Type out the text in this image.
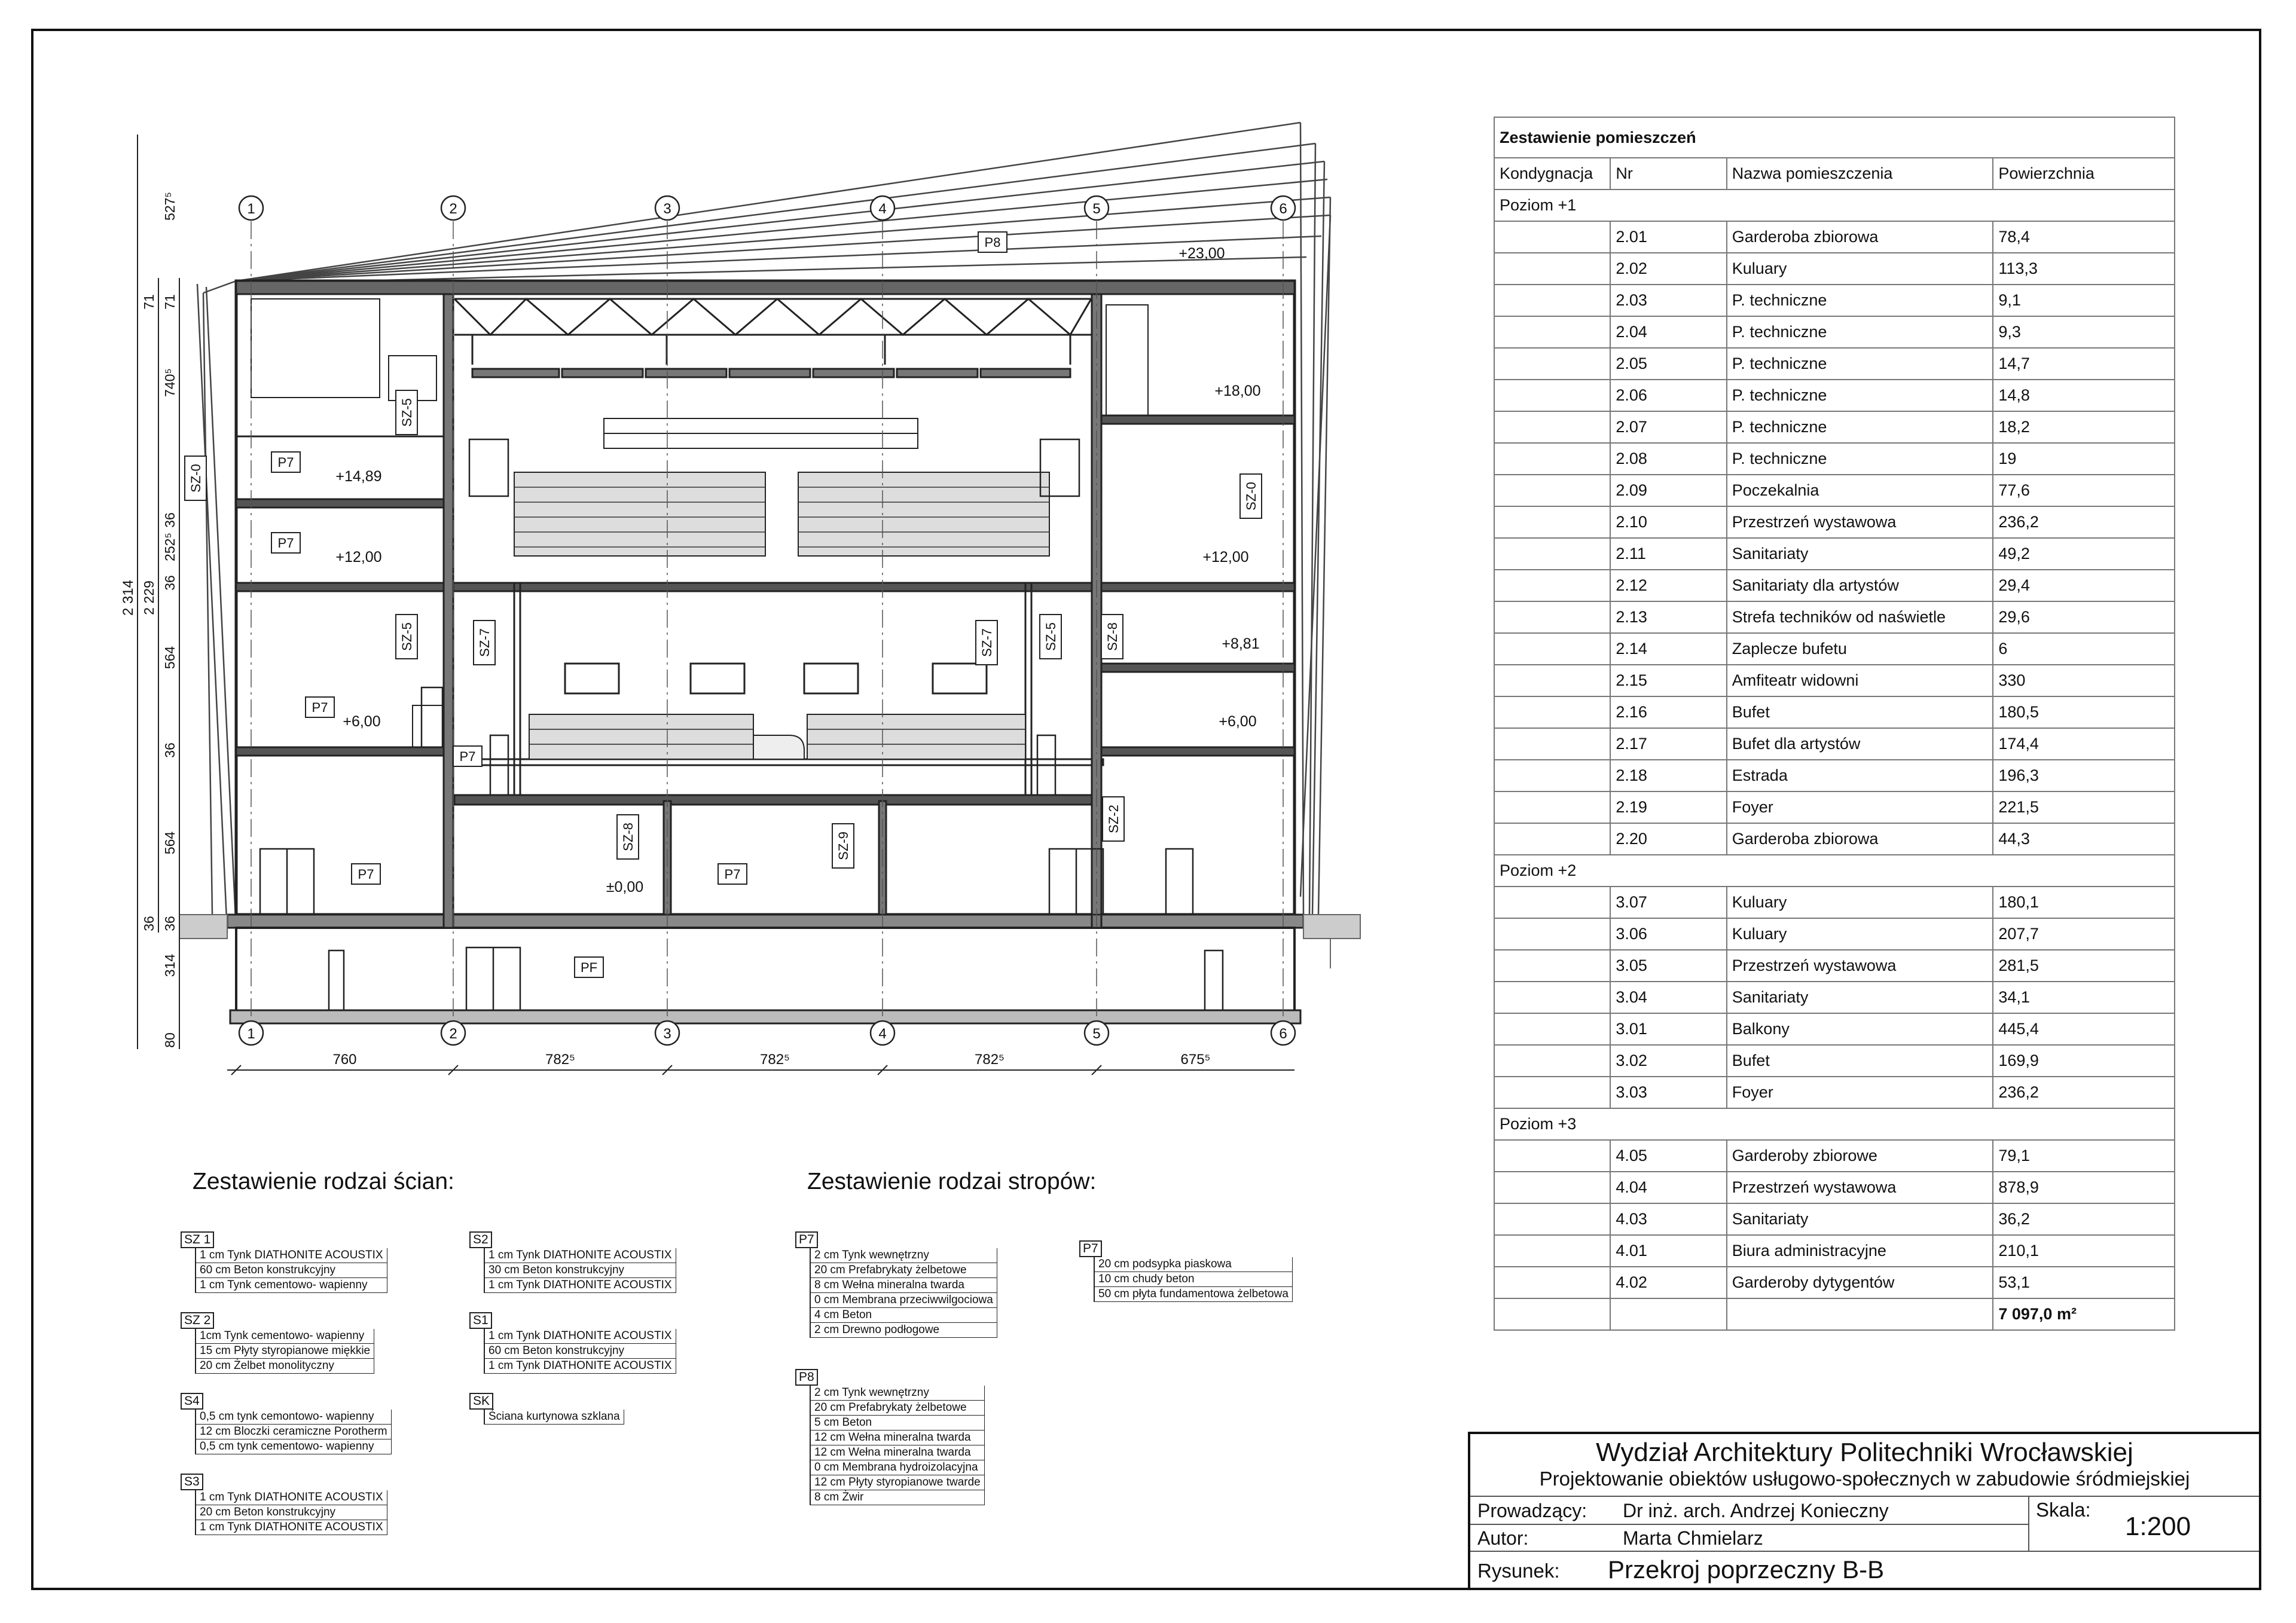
1	2	3	4	5	6
1	2	3	4	5	6
760	782⁵	782⁵	782⁵	675⁵
527⁵
71
740⁵
36
252⁵
36
564
36
564
36
314
80
71
2 229
36
2 314
+23,00
+18,00
+14,89
+12,00	+12,00
+8,81
+6,00	+6,00
±0,00
SZ-0
SZ-5
SZ-5	SZ-7	SZ-7	SZ-5	SZ-8
SZ-0
SZ-8	SZ-9
SZ-2
P8
P7
P7
P7
P7
P7	P7
PF
Zestawienie pomieszczeń			
Kondygnacja	Nr	Nazwa pomieszczenia	Powierzchnia
Poziom +1			
	2.01	Garderoba zbiorowa	78,4
	2.02	Kuluary	113,3
	2.03	P. techniczne	9,1
	2.04	P. techniczne	9,3
	2.05	P. techniczne	14,7
	2.06	P. techniczne	14,8
	2.07	P. techniczne	18,2
	2.08	P. techniczne	19
	2.09	Poczekalnia	77,6
	2.10	Przestrzeń wystawowa	236,2
	2.11	Sanitariaty	49,2
	2.12	Sanitariaty dla artystów	29,4
	2.13	Strefa techników od naświetle	29,6
	2.14	Zaplecze bufetu	6
	2.15	Amfiteatr widowni	330
	2.16	Bufet	180,5
	2.17	Bufet dla artystów	174,4
	2.18	Estrada	196,3
	2.19	Foyer	221,5
	2.20	Garderoba zbiorowa	44,3
Poziom +2			
	3.07	Kuluary	180,1
	3.06	Kuluary	207,7
	3.05	Przestrzeń wystawowa	281,5
	3.04	Sanitariaty	34,1
	3.01	Balkony	445,4
	3.02	Bufet	169,9
	3.03	Foyer	236,2
Poziom +3			
	4.05	Garderoby zbiorowe	79,1
	4.04	Przestrzeń wystawowa	878,9
	4.03	Sanitariaty	36,2
	4.01	Biura administracyjne	210,1
	4.02	Garderoby dytygentów	53,1
			7 097,0 m²
Zestawienie rodzai ścian:	Zestawienie rodzai stropów:
SZ 1
1 cm Tynk DIATHONITE ACOUSTIX
60 cm Beton konstrukcyjny
1 cm Tynk cementowo- wapienny
SZ 2
1cm Tynk cementowo- wapienny
15 cm Płyty styropianowe miękkie
20 cm Żelbet monolityczny
S4
0,5 cm tynk cemontowo- wapienny
12 cm Bloczki ceramiczne Porotherm
0,5 cm tynk cementowo- wapienny
S3
1 cm Tynk DIATHONITE ACOUSTIX
20 cm Beton konstrukcyjny
1 cm Tynk DIATHONITE ACOUSTIX
S2
1 cm Tynk DIATHONITE ACOUSTIX
30 cm Beton konstrukcyjny
1 cm Tynk DIATHONITE ACOUSTIX
S1
1 cm Tynk DIATHONITE ACOUSTIX
60 cm Beton konstrukcyjny
1 cm Tynk DIATHONITE ACOUSTIX
SK
Ściana kurtynowa szklana
P7
2 cm Tynk wewnętrzny
20 cm Prefabrykaty żelbetowe
8 cm Wełna mineralna twarda
0 cm Membrana przeciwwilgociowa
4 cm Beton
2 cm Drewno podłogowe
P7
20 cm podsypka piaskowa
10 cm chudy beton
50 cm płyta fundamentowa żelbetowa
P8
2 cm Tynk wewnętrzny
20 cm Prefabrykaty żelbetowe
5 cm Beton
12 cm Wełna mineralna twarda
12 cm Wełna mineralna twarda
0 cm Membrana hydroizolacyjna
12 cm Płyty styropianowe twarde
8 cm Żwir
Wydział Architektury Politechniki Wrocławskiej
Projektowanie obiektów usługowo-społecznych w zabudowie śródmiejskiej
Prowadzący: Dr inż. arch. Andrzej Konieczny
Autor:	Marta Chmielarz
Skala:
1:200
Rysunek: Przekroj poprzeczny B-B
